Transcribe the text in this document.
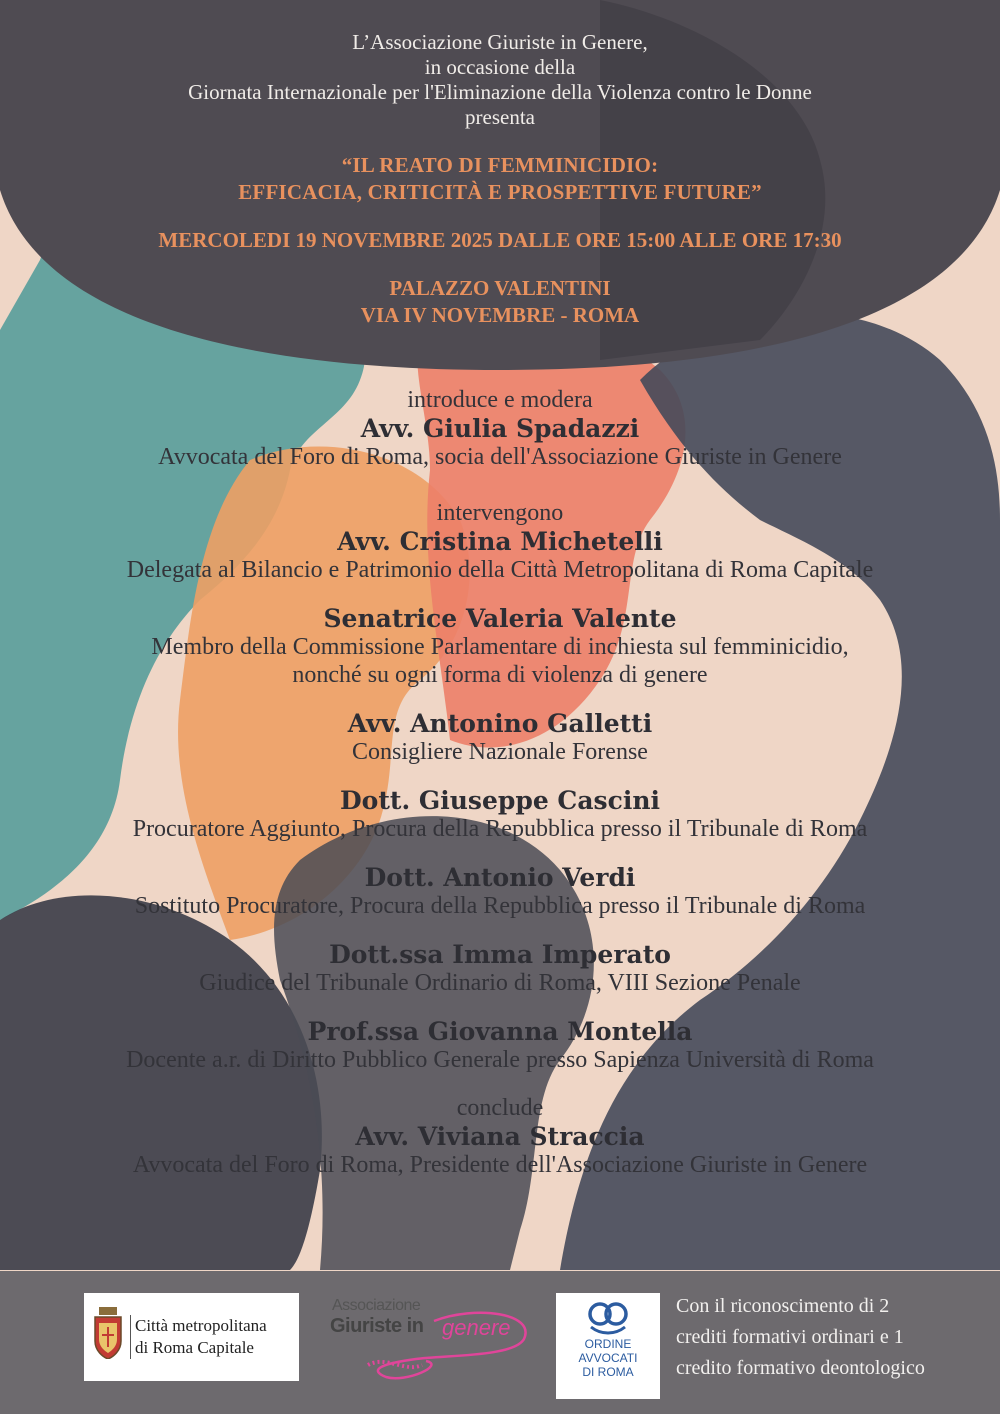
L’Associazione Giuriste in Genere,
in occasione della
Giornata Internazionale per l'Eliminazione della Violenza contro le Donne
presenta
“IL REATO DI FEMMINICIDIO:
EFFICACIA, CRITICITÀ E PROSPETTIVE FUTURE”
MERCOLEDI 19 NOVEMBRE 2025 DALLE ORE 15:00 ALLE ORE 17:30
PALAZZO VALENTINI
VIA IV NOVEMBRE - ROMA
introduce e modera
Avv. Giulia Spadazzi
Avvocata del Foro di Roma, socia dell'Associazione Giuriste in Genere
intervengono
Avv. Cristina Michetelli
Delegata al Bilancio e Patrimonio della Città Metropolitana di Roma Capitale
Senatrice Valeria Valente
Membro della Commissione Parlamentare di inchiesta sul femminicidio,
nonché su ogni forma di violenza di genere
Avv. Antonino Galletti
Consigliere Nazionale Forense
Dott. Giuseppe Cascini
Procuratore Aggiunto, Procura della Repubblica presso il Tribunale di Roma
Dott. Antonio Verdi
Sostituto Procuratore, Procura della Repubblica presso il Tribunale di Roma
Dott.ssa Imma Imperato
Giudice del Tribunale Ordinario di Roma, VIII Sezione Penale
Prof.ssa Giovanna Montella
Docente a.r. di Diritto Pubblico Generale presso Sapienza Università di Roma
conclude
Avv. Viviana Straccia
Avvocata del Foro di Roma, Presidente dell'Associazione Giuriste in Genere
Città metropolitana
di Roma Capitale
Associazione
Giuriste in genere
ORDINE
AVVOCATI
DI ROMA
Con il riconoscimento di 2
crediti formativi ordinari e 1
credito formativo deontologico
